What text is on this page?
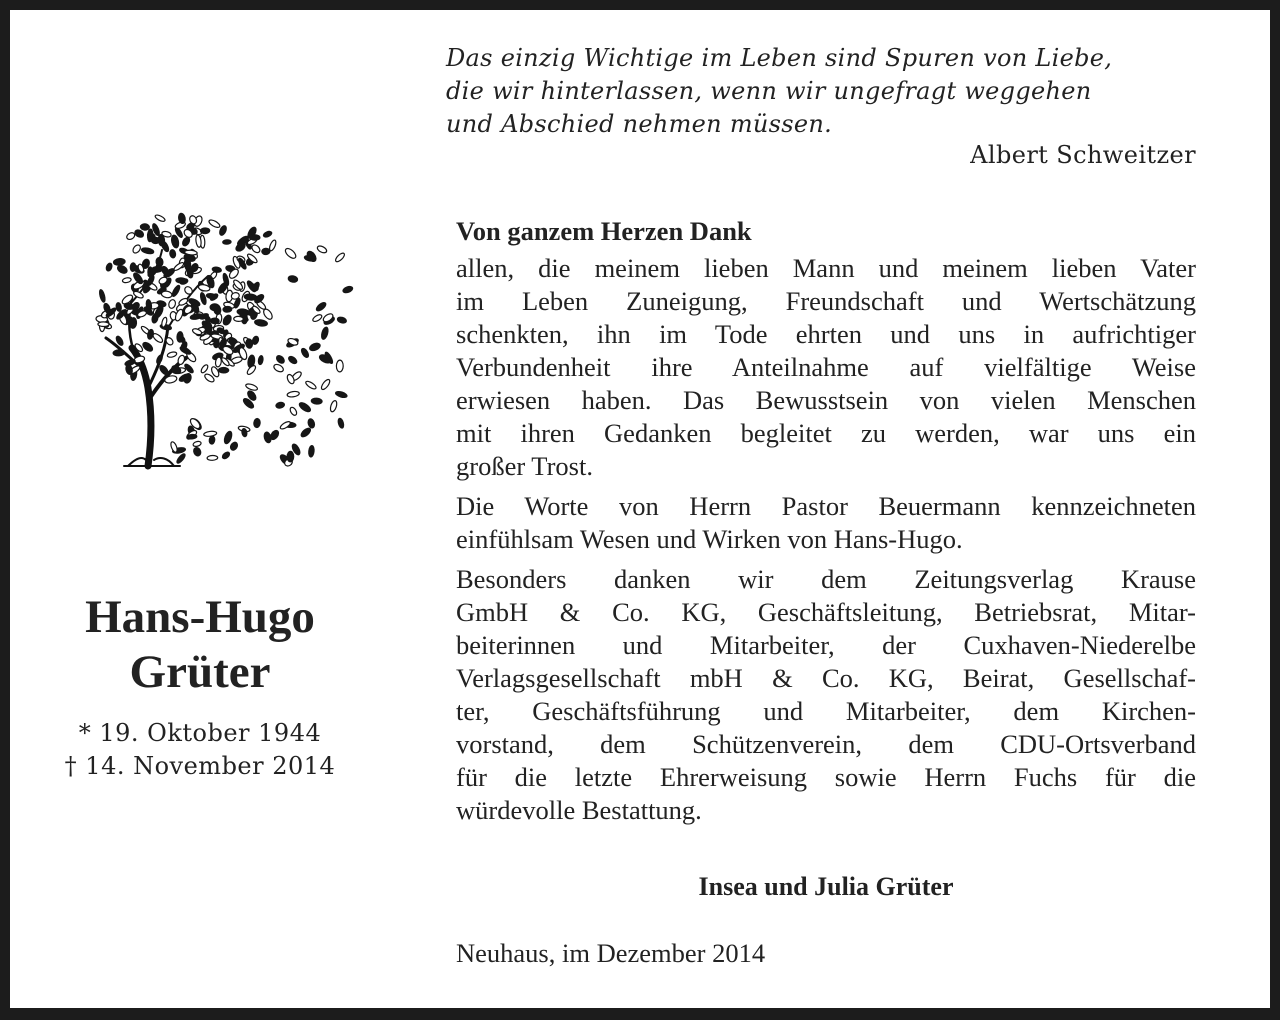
Das einzig Wichtige im Leben sind Spuren von Liebe,
die wir hinterlassen, wenn wir ungefragt weggehen
und Abschied nehmen müssen.
Albert Schweitzer
Hans-Hugo
Grüter
* 19. Oktober 1944
† 14. November 2014
Von ganzem Herzen Dank
allen, die meinem lieben Mann und meinem lieben Vater
im Leben Zuneigung, Freundschaft und Wertschätzung
schenkten, ihn im Tode ehrten und uns in aufrichtiger
Verbundenheit ihre Anteilnahme auf vielfältige Weise
erwiesen haben. Das Bewusstsein von vielen Menschen
mit ihren Gedanken begleitet zu werden, war uns ein
großer Trost.
Die Worte von Herrn Pastor Beuermann kennzeichneten
einfühlsam Wesen und Wirken von Hans-Hugo.
Besonders danken wir dem Zeitungsverlag Krause
GmbH & Co. KG, Geschäftsleitung, Betriebsrat, Mitar-
beiterinnen und Mitarbeiter, der Cuxhaven-Niederelbe
Verlagsgesellschaft mbH & Co. KG, Beirat, Gesellschaf-
ter, Geschäftsführung und Mitarbeiter, dem Kirchen-
vorstand, dem Schützenverein, dem CDU-Ortsverband
für die letzte Ehrerweisung sowie Herrn Fuchs für die
würdevolle Bestattung.
Insea und Julia Grüter
Neuhaus, im Dezember 2014
